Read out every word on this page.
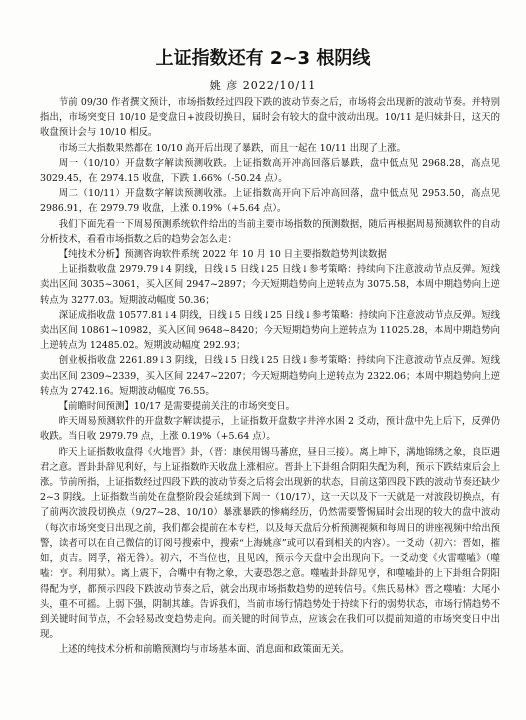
上证指数还有 2~3 根阴线
姚 彦 2022/10/11

节前 09/30 作者撰文预计，市场指数经过四段下跌的波动节奏之后，市场将会出现新的波动节奏。并特别指出，市场突变日 10/10 是变盘日+波段切换日，届时会有较大的盘中波动出现。10/11 是归妹卦日，这天的收盘预计会与 10/10 相反。

市场三大指数果然都在 10/10 高开后出现了暴跌，而且一起在 10/11 出现了上涨。

周一（10/10）开盘数字解读预测收跌。上证指数高开冲高回落后暴跌，盘中低点见 2968.28，高点见 3029.45，在 2974.15 收盘，下跌 1.66%（-50.24 点）。

周二（10/11）开盘数字解读预测收涨。上证指数高开向下后冲高回落，盘中低点见 2953.50，高点见 2986.91，在 2979.79 收盘，上涨 0.19%（+5.64 点）。

我们下面先看一下周易预测系统软件给出的当前主要市场指数的预测数据，随后再根据周易预测软件的自动分析技术，看看市场指数之后的趋势会怎么走：

【纯技术分析】预测咨询软件系统 2022 年 10 月 10 日主要指数趋势判读数据

上证指数收盘 2979.79↓4 阴线，日线↓5 日线↓25 日线↓参考策略：持续向下注意波动节点反弹。短线卖出区间 3035~3061，买入区间 2947~2897；今天短期趋势向上逆转点为 3075.58，本周中期趋势向上逆转点为 3277.03。短期波动幅度 50.36；

深证成指收盘 10577.81↓4 阴线，日线↓5 日线↓25 日线↓参考策略：持续向下注意波动节点反弹。短线卖出区间 10861~10982，买入区间 9648~8420；今天短期趋势向上逆转点为 11025.28，本周中期趋势向上逆转点为 12485.02。短期波动幅度 292.93；

创业板指收盘 2261.89↓3 阴线，日线↓5 日线↓25 日线↓参考策略：持续向下注意波动节点反弹。短线卖出区间 2309~2339，买入区间 2247~2207；今天短期趋势向上逆转点为 2322.06；本周中期趋势向上逆转点为 2742.16。短期波动幅度 76.55。

【前瞻时间预测】10/17 是需要提前关注的市场突变日。

昨天周易预测软件的开盘数字解读提示，上证指数开盘数字井淬水困 2 爻动，预计盘中先上后下，反弹仍收跌。当日收 2979.79 点，上涨 0.19%（+5.64 点）。

昨天上证指数收盘得《火地晋》卦，（晋：康侯用锡马蕃庶，昼日三接）。离上坤下，满地锦绣之象，良臣遇君之意。晋卦卦辞见利好，与上证指数昨天收盘上涨相应。晋卦上下卦组合阴阳失配为利，预示下跌结束后会上涨。节前所指，上证指数经过四段下跌的波动节奏之后将会出现新的状态，目前这第四段下跌的波动节奏还缺少 2~3 阴线。上证指数当前处在盘整阶段会延续到下周一（10/17），这一天以及下一天就是一对波段切换点，有了前两次波段切换点（9/27~28、10/10）暴涨暴跌的惨痛经历，仍然需要警惕届时会出现的较大的盘中波动（每次市场突变日出现之前，我们都会提前在本专栏，以及每天盘后分析预测视频和每周日的讲座视频中给出预警，读者可以在自己微信的订阅号搜索中，搜索“上海姚彦”或可以看到相关的内容）。一爻动（初六：晋如，摧如，贞吉。罔孚，裕无咎）。初六，不当位也，且见凶，预示今天盘中会出现向下。一爻动变《火雷噬嗑》（噬嗑：亨。利用狱）。离上震下，合嘴中有物之象，大妻恐怨之意。噬嗑卦卦辞见亨，和噬嗑卦的上下卦组合阴阳得配为亨，都预示四段下跌波动节奏之后，就会出现市场指数趋势的逆转信号。《焦氏易林》晋之噬嗑：大尾小头，重不可摇。上弱下强，阴制其雄。告诉我们，当前市场行情趋势处于持续下行的弱势状态，市场行情趋势不到关键时间节点，不会轻易改变趋势走向。而关键的时间节点，应该会在我们可以提前知道的市场突变日中出现。

上述的纯技术分析和前瞻预测均与市场基本面、消息面和政策面无关。
